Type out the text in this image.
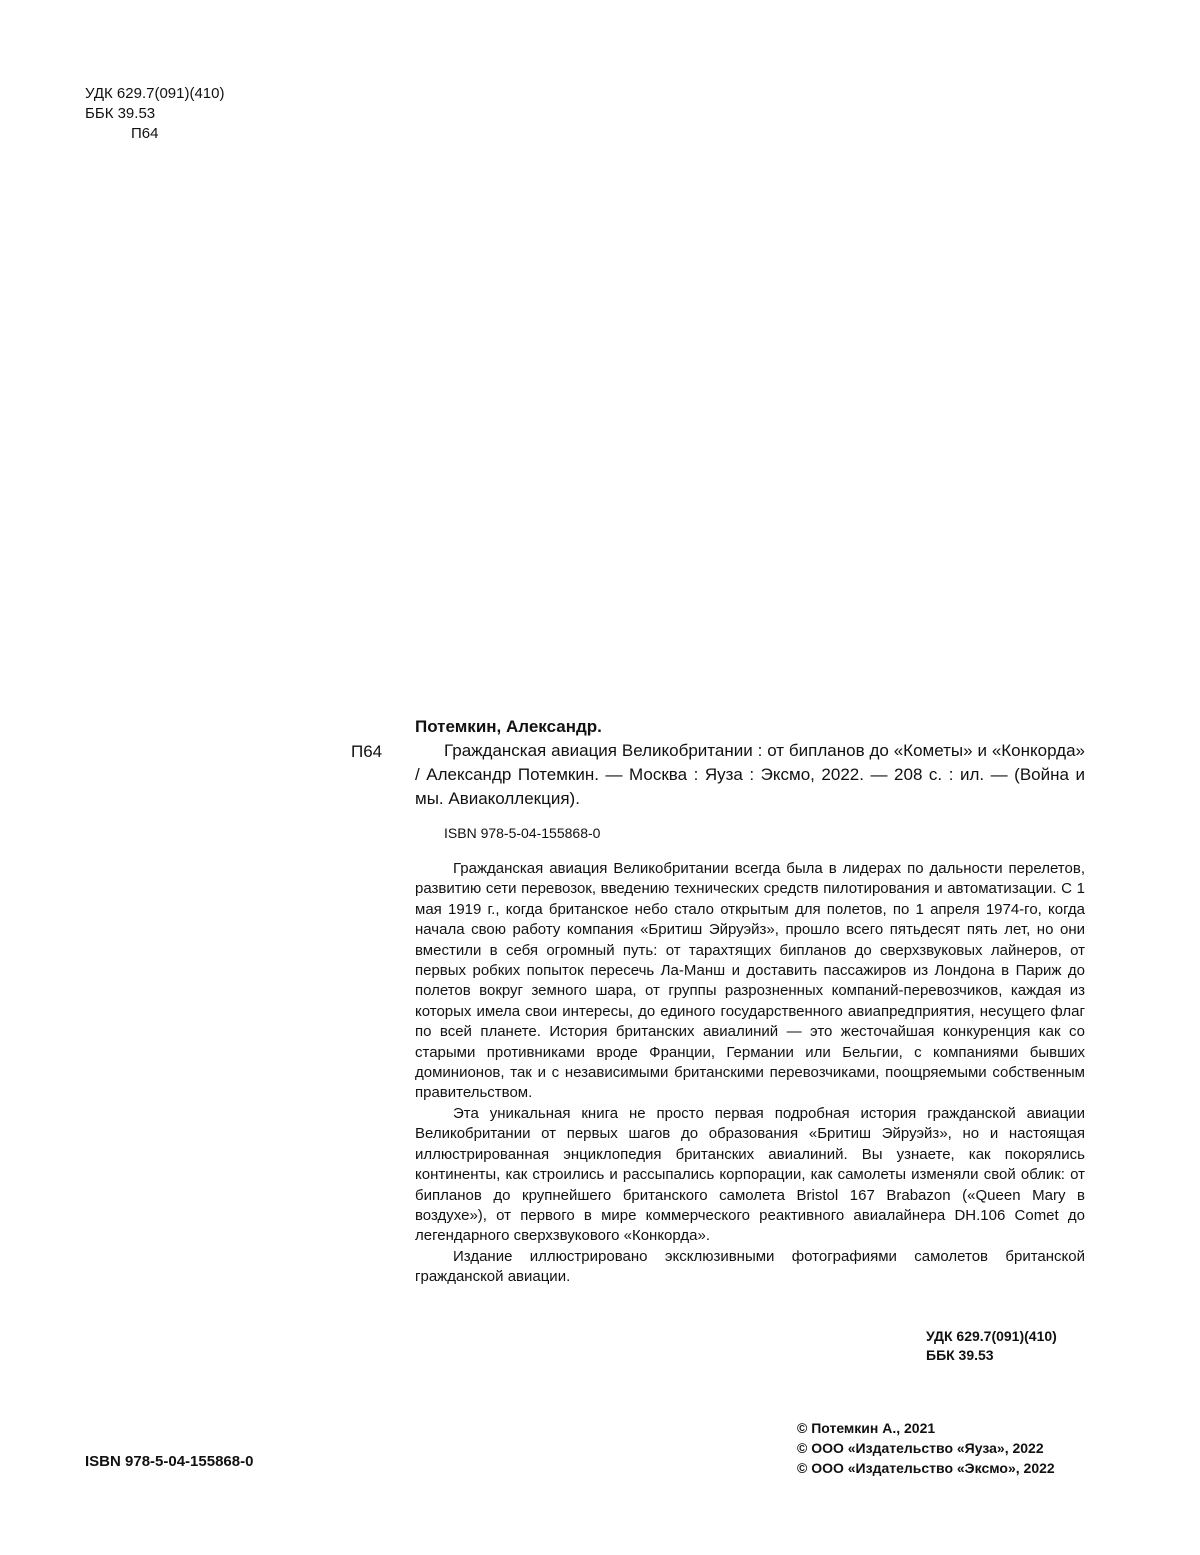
УДК 629.7(091)(410)
ББК 39.53
П64
П64

Потемкин, Александр.

Гражданская авиация Великобритании : от бипланов до «Кометы» и «Конкорда» / Александр Потемкин. — Москва : Яуза : Эксмо, 2022. — 208 с. : ил. — (Война и мы. Авиаколлекция).

ISBN 978-5-04-155868-0

Гражданская авиация Великобритании всегда была в лидерах по дальности перелетов, развитию сети перевозок, введению технических средств пилотирования и автоматизации. С 1 мая 1919 г., когда британское небо стало открытым для полетов, по 1 апреля 1974-го, когда начала свою работу компания «Бритиш Эйруэйз», прошло всего пятьдесят пять лет, но они вместили в себя огромный путь: от тарахтящих бипланов до сверхзвуковых лайнеров, от первых робких попыток пересечь Ла-Манш и доставить пассажиров из Лондона в Париж до полетов вокруг земного шара, от группы разрозненных компаний-перевозчиков, каждая из которых имела свои интересы, до единого государственного авиапредприятия, несущего флаг по всей планете. История британских авиалиний — это жесточайшая конкуренция как со старыми противниками вроде Франции, Германии или Бельгии, с компаниями бывших доминионов, так и с независимыми британскими перевозчиками, поощряемыми собственным правительством.

Эта уникальная книга не просто первая подробная история гражданской авиации Великобритании от первых шагов до образования «Бритиш Эйруэйз», но и настоящая иллюстрированная энциклопедия британских авиалиний. Вы узнаете, как покорялись континенты, как строились и рассыпались корпорации, как самолеты изменяли свой облик: от бипланов до крупнейшего британского самолета Bristol 167 Brabazon («Queen Mary в воздухе»), от первого в мире коммерческого реактивного авиалайнера DH.106 Comet до легендарного сверхзвукового «Конкорда».

Издание иллюстрировано эксклюзивными фотографиями самолетов британской гражданской авиации.

УДК 629.7(091)(410)
ББК 39.53
© Потемкин А., 2021
© ООО «Издательство «Яуза», 2022
© ООО «Издательство «Эксмо», 2022
ISBN 978-5-04-155868-0
